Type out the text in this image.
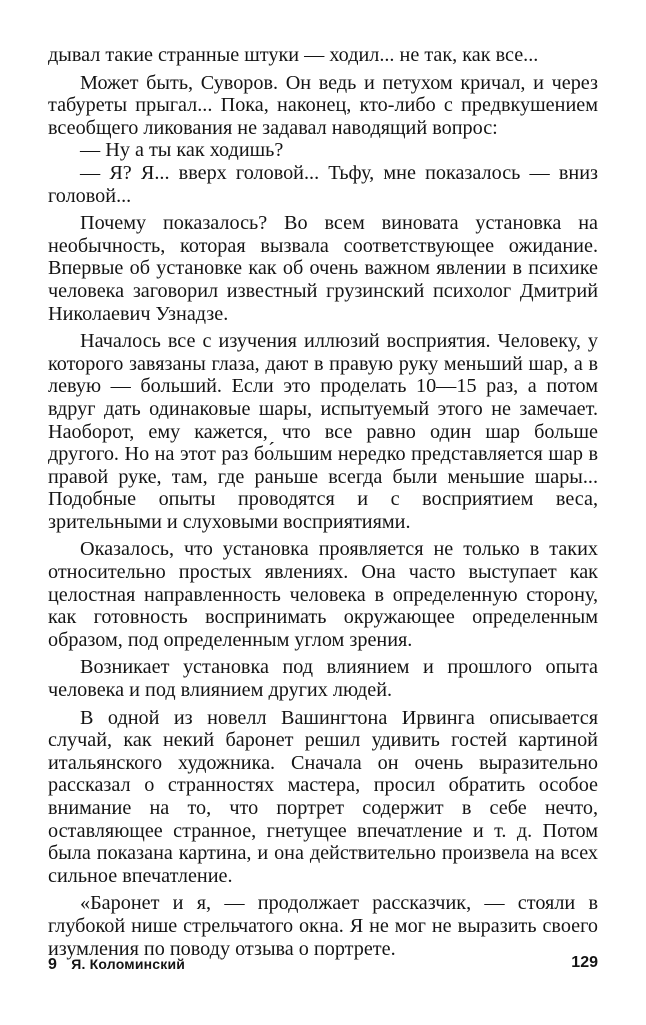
дывал такие странные штуки — ходил... не так, как все...

Может быть, Суворов. Он ведь и петухом кричал, и через табуреты прыгал... Пока, наконец, кто-либо с предвкушением всеобщего ликования не задавал наводящий вопрос:

— Ну а ты как ходишь?

— Я? Я... вверх головой... Тьфу, мне показалось — вниз головой...

Почему показалось? Во всем виновата установка на необычность, которая вызвала соответствующее ожидание. Впервые об установке как об очень важном явлении в психике человека заговорил известный грузинский психолог Дмитрий Николаевич Узнадзе.

Началось все с изучения иллюзий восприятия. Человеку, у которого завязаны глаза, дают в правую руку меньший шар, а в левую — больший. Если это проделать 10—15 раз, а потом вдруг дать одинаковые шары, испытуемый этого не замечает. Наоборот, ему кажется, что все равно один шар больше другого. Но на этот раз бо́льшим нередко представляется шар в правой руке, там, где раньше всегда были меньшие шары... Подобные опыты проводятся и с восприятием веса, зрительными и слуховыми восприятиями.

Оказалось, что установка проявляется не только в таких относительно простых явлениях. Она часто выступает как целостная направленность человека в определенную сторону, как готовность воспринимать окружающее определенным образом, под определенным углом зрения.

Возникает установка под влиянием и прошлого опыта человека и под влиянием других людей.

В одной из новелл Вашингтона Ирвинга описывается случай, как некий баронет решил удивить гостей картиной итальянского художника. Сначала он очень выразительно рассказал о странностях мастера, просил обратить особое внимание на то, что портрет содержит в себе нечто, оставляющее странное, гнетущее впечатление и т. д. Потом была показана картина, и она действительно произвела на всех сильное впечатление.

«Баронет и я, — продолжает рассказчик, — стояли в глубокой нише стрельчатого окна. Я не мог не выразить своего изумления по поводу отзыва о портрете.

9 Я. Коломинский	129
